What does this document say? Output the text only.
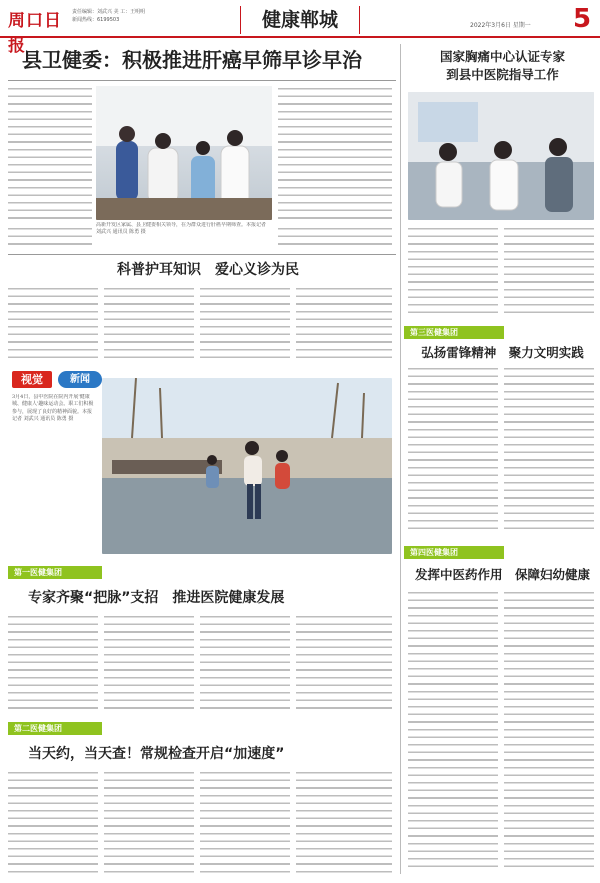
周口日报
责任编辑：刘武兴 美 工：王明明
新闻热线：6199503	健康郸城	2022年3月6日 星期一	5
县卫健委：积极推进肝癌早筛早诊早治
高新开发区家属、县卫健委相关领导，在为群众进行肝癌早期筛查。本报记者 刘武兴 通讯员 陈勇 摄
国家胸痛中心认证专家
到县中医院指导工作
科普护耳知识　爱心义诊为民
视觉	新闻
3月4日，县中医院在院内开展'健康城、健康人'趣味运动会。职工们积极参与，展现了良好的精神面貌。本报记者 刘武兴 通讯员 陈勇 摄
第三医健集团
弘扬雷锋精神　聚力文明实践
第四医健集团
发挥中医药作用　保障妇幼健康
第一医健集团
专家齐聚“把脉”支招　推进医院健康发展
第二医健集团
当天约，当天查！常规检查开启“加速度”
